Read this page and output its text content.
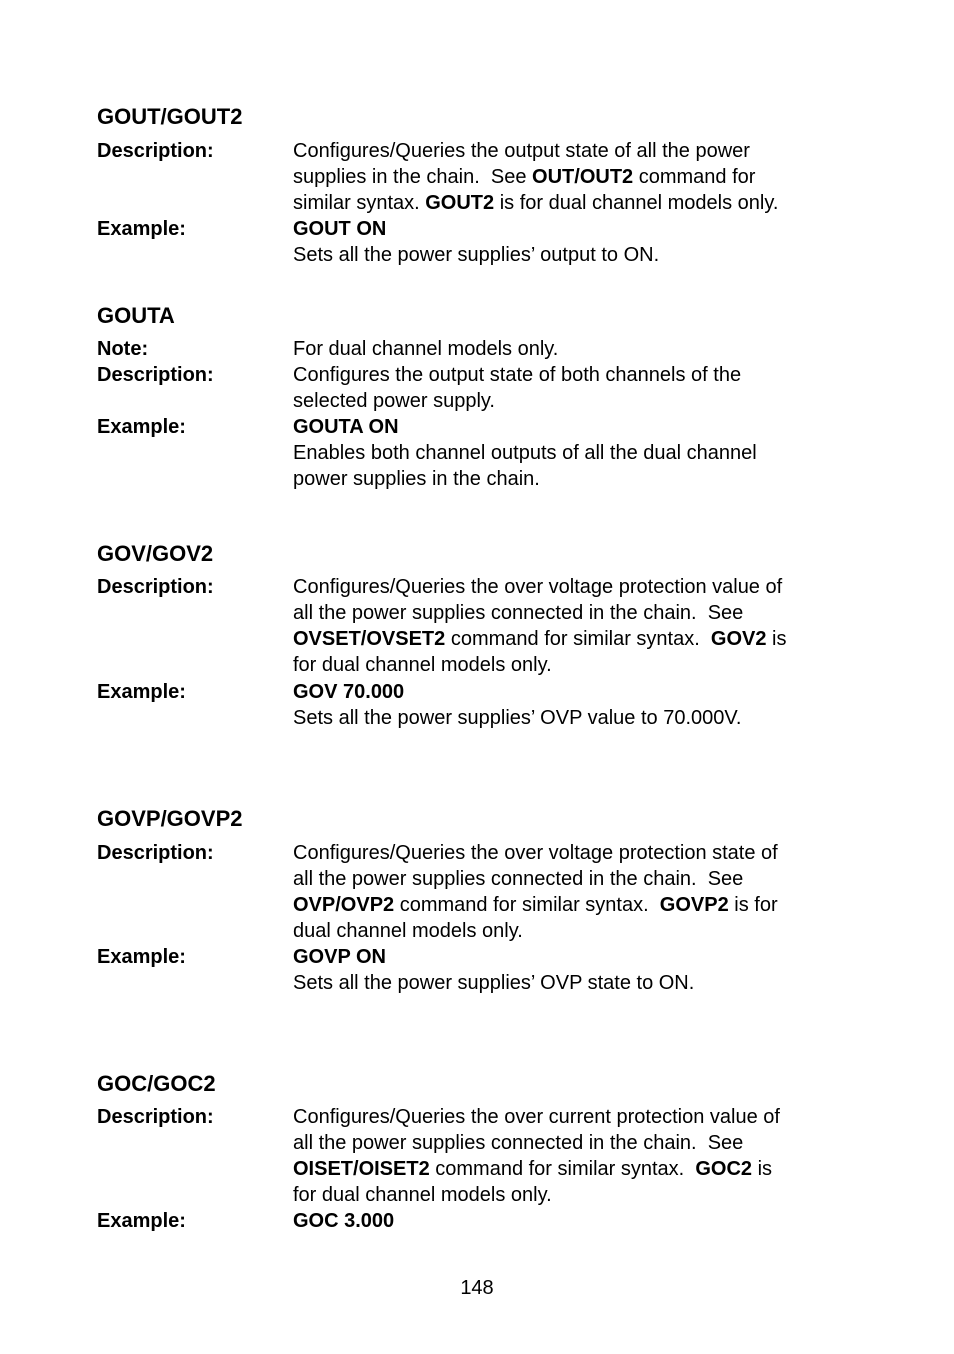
GOUT/GOUT2
Description:	Configures/Queries the output state of all the power
supplies in the chain.  See OUT/OUT2 command for
similar syntax. GOUT2 is for dual channel models only.
Example:	GOUT ON
Sets all the power supplies’ output to ON.
GOUTA
Note:	For dual channel models only.
Description:	Configures the output state of both channels of the
selected power supply.
Example:	GOUTA ON
Enables both channel outputs of all the dual channel
power supplies in the chain.
GOV/GOV2
Description:	Configures/Queries the over voltage protection value of
all the power supplies connected in the chain.  See
OVSET/OVSET2 command for similar syntax.  GOV2 is
for dual channel models only.
Example:	GOV 70.000
Sets all the power supplies’ OVP value to 70.000V.
GOVP/GOVP2
Description:	Configures/Queries the over voltage protection state of
all the power supplies connected in the chain.  See
OVP/OVP2 command for similar syntax.  GOVP2 is for
dual channel models only.
Example:	GOVP ON
Sets all the power supplies’ OVP state to ON.
GOC/GOC2
Description:	Configures/Queries the over current protection value of
all the power supplies connected in the chain.  See
OISET/OISET2 command for similar syntax.  GOC2 is
for dual channel models only.
Example:	GOC 3.000
148
